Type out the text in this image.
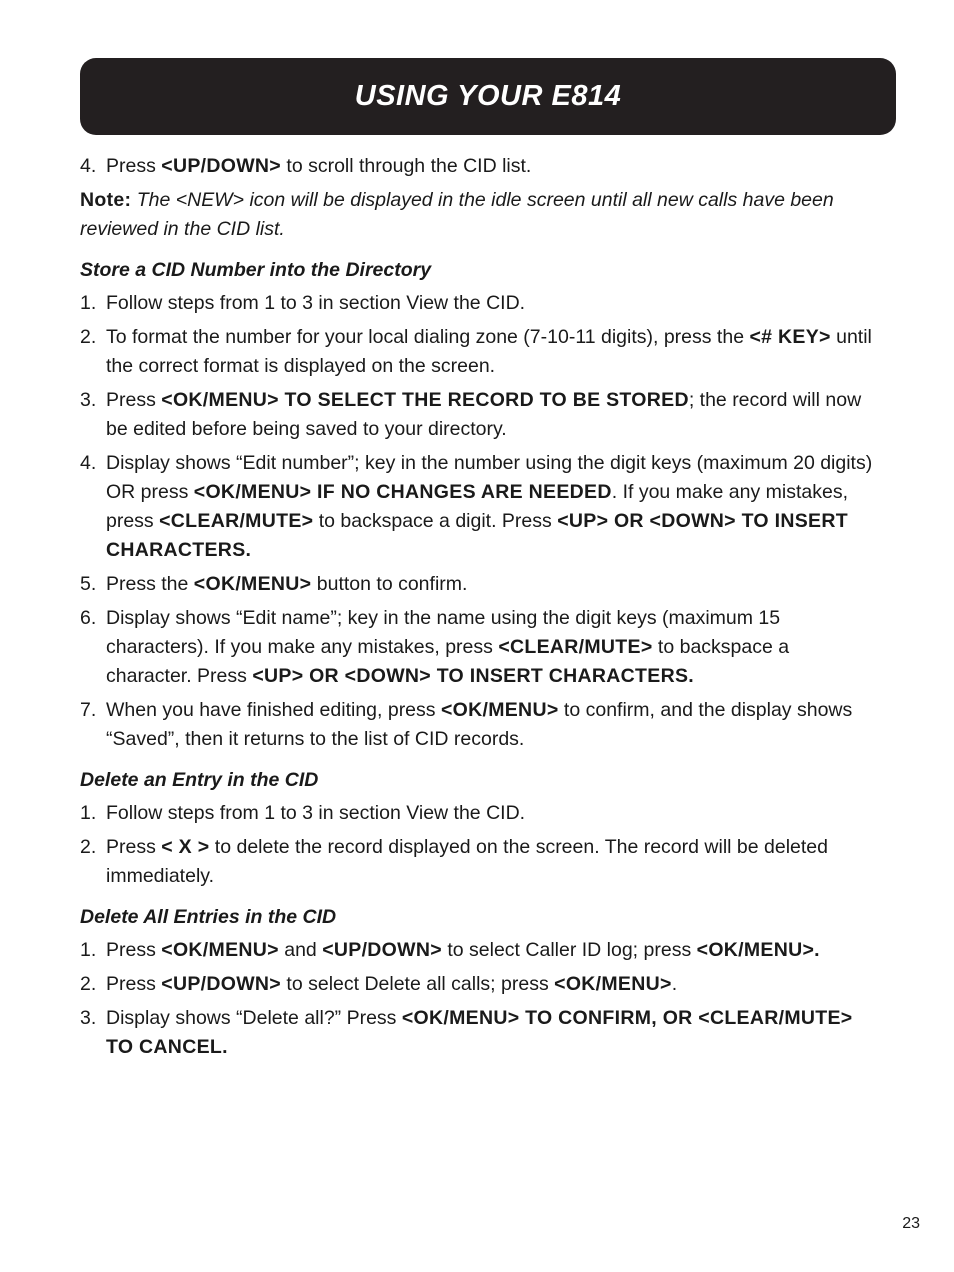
USING YOUR E814
4. Press <UP/DOWN> to scroll through the CID list.
Note: The <NEW> icon will be displayed in the idle screen until all new calls have been reviewed in the CID list.
Store a CID Number into the Directory
1. Follow steps from 1 to 3 in section View the CID.
2. To format the number for your local dialing zone (7-10-11 digits), press the <# KEY> until the correct format is displayed on the screen.
3. Press <OK/MENU> TO SELECT THE RECORD TO BE STORED; the record will now be edited before being saved to your directory.
4. Display shows “Edit number”; key in the number using the digit keys (maximum 20 digits) OR press <OK/MENU> IF NO CHANGES ARE NEEDED. If you make any mistakes, press <CLEAR/MUTE> to backspace a digit. Press <UP> OR <DOWN> TO INSERT CHARACTERS.
5. Press the <OK/MENU> button to confirm.
6. Display shows “Edit name”; key in the name using the digit keys (maximum 15 characters). If you make any mistakes, press <CLEAR/MUTE> to backspace a character. Press <UP> OR <DOWN> TO INSERT CHARACTERS.
7. When you have finished editing, press <OK/MENU> to confirm, and the display shows “Saved”, then it returns to the list of CID records.
Delete an Entry in the CID
1. Follow steps from 1 to 3 in section View the CID.
2. Press < X > to delete the record displayed on the screen. The record will be deleted immediately.
Delete All Entries in the CID
1. Press <OK/MENU> and <UP/DOWN> to select Caller ID log; press <OK/MENU>.
2. Press <UP/DOWN> to select Delete all calls; press <OK/MENU>.
3. Display shows “Delete all?” Press <OK/MENU> TO CONFIRM, OR <CLEAR/MUTE> TO CANCEL.
23
